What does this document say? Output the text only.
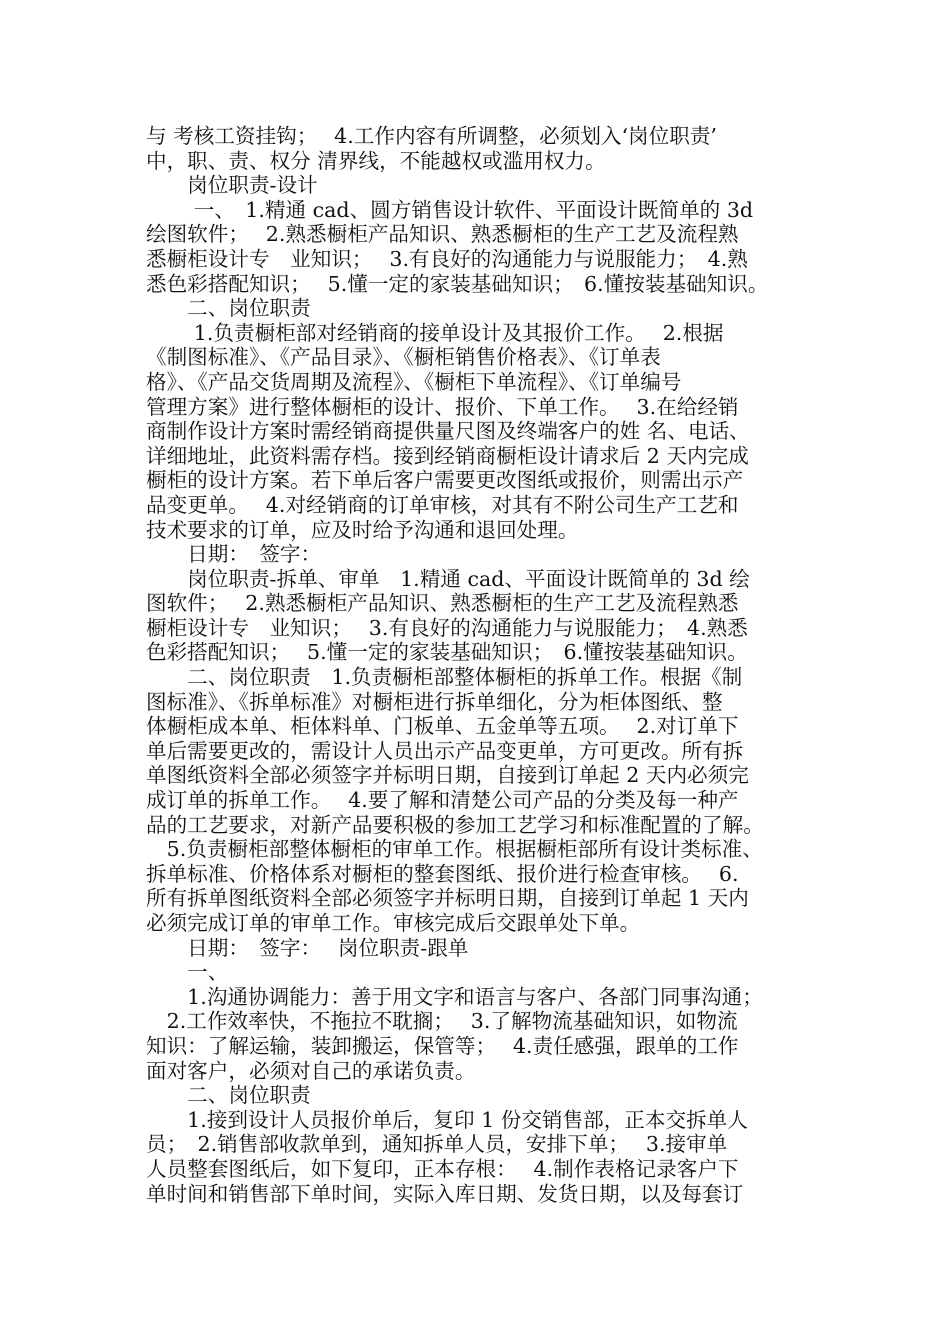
与 考核工资挂钩；　 4.工作内容有所调整，必须划入‘岗位职责’
中，职、责、权分 清界线，不能越权或滥用权力。
　　岗位职责-设计
　　 一、　1.精通 cad、圆方销售设计软件、平面设计既简单的 3d
绘图软件；　 2.熟悉橱柜产品知识、熟悉橱柜的生产工艺及流程熟
悉橱柜设计专　业知识；　 3.有良好的沟通能力与说服能力；　4.熟
悉色彩搭配知识；　 5.懂一定的家装基础知识；　6.懂按装基础知识。
　　二、岗位职责
　　 1.负责橱柜部对经销商的接单设计及其报价工作。　 2.根据
《制图标准》、《产品目录》、《橱柜销售价格表》、《订单表
格》、《产品交货周期及流程》、《橱柜下单流程》、《订单编号
管理方案》进行整体橱柜的设计、报价、下单工作。　 3.在给经销
商制作设计方案时需经销商提供量尺图及终端客户的姓 名、电话、
详细地址，此资料需存档。接到经销商橱柜设计请求后 2 天内完成
橱柜的设计方案。若下单后客户需要更改图纸或报价，则需出示产
品变更单。　 4.对经销商的订单审核，对其有不附公司生产工艺和
技术要求的订单，应及时给予沟通和退回处理。
　　日期：　签字：
　　岗位职责-拆单、审单　1.精通 cad、平面设计既简单的 3d 绘
图软件；　 2.熟悉橱柜产品知识、熟悉橱柜的生产工艺及流程熟悉
橱柜设计专　业知识；　 3.有良好的沟通能力与说服能力；　4.熟悉
色彩搭配知识；　 5.懂一定的家装基础知识；　6.懂按装基础知识。
　　二、岗位职责　1.负责橱柜部整体橱柜的拆单工作。根据《制
图标准》、《拆单标准》对橱柜进行拆单细化，分为柜体图纸、整
体橱柜成本单、柜体料单、门板单、五金单等五项。　 2.对订单下
单后需要更改的，需设计人员出示产品变更单，方可更改。所有拆
单图纸资料全部必须签字并标明日期，自接到订单起 2 天内必须完
成订单的拆单工作。　 4.要了解和清楚公司产品的分类及每一种产
品的工艺要求，对新产品要积极的参加工艺学习和标准配置的了解。
　5.负责橱柜部整体橱柜的审单工作。根据橱柜部所有设计类标准、
拆单标准、价格体系对橱柜的整套图纸、报价进行检查审核。　 6.
所有拆单图纸资料全部必须签字并标明日期，自接到订单起 1 天内
必须完成订单的审单工作。审核完成后交跟单处下单。
　　日期：　签字：　 岗位职责-跟单
　　一、
　　1.沟通协调能力：善于用文字和语言与客户、各部门同事沟通；
　2.工作效率快，不拖拉不耽搁；　 3.了解物流基础知识，如物流
知识：了解运输，装卸搬运，保管等；　 4.责任感强，跟单的工作
面对客户，必须对自己的承诺负责。
　　二、岗位职责
　　1.接到设计人员报价单后，复印 1 份交销售部，正本交拆单人
员；　2.销售部收款单到，通知拆单人员，安排下单；　 3.接审单
人员整套图纸后，如下复印，正本存根：　 4.制作表格记录客户下
单时间和销售部下单时间，实际入库日期、发货日期，以及每套订
